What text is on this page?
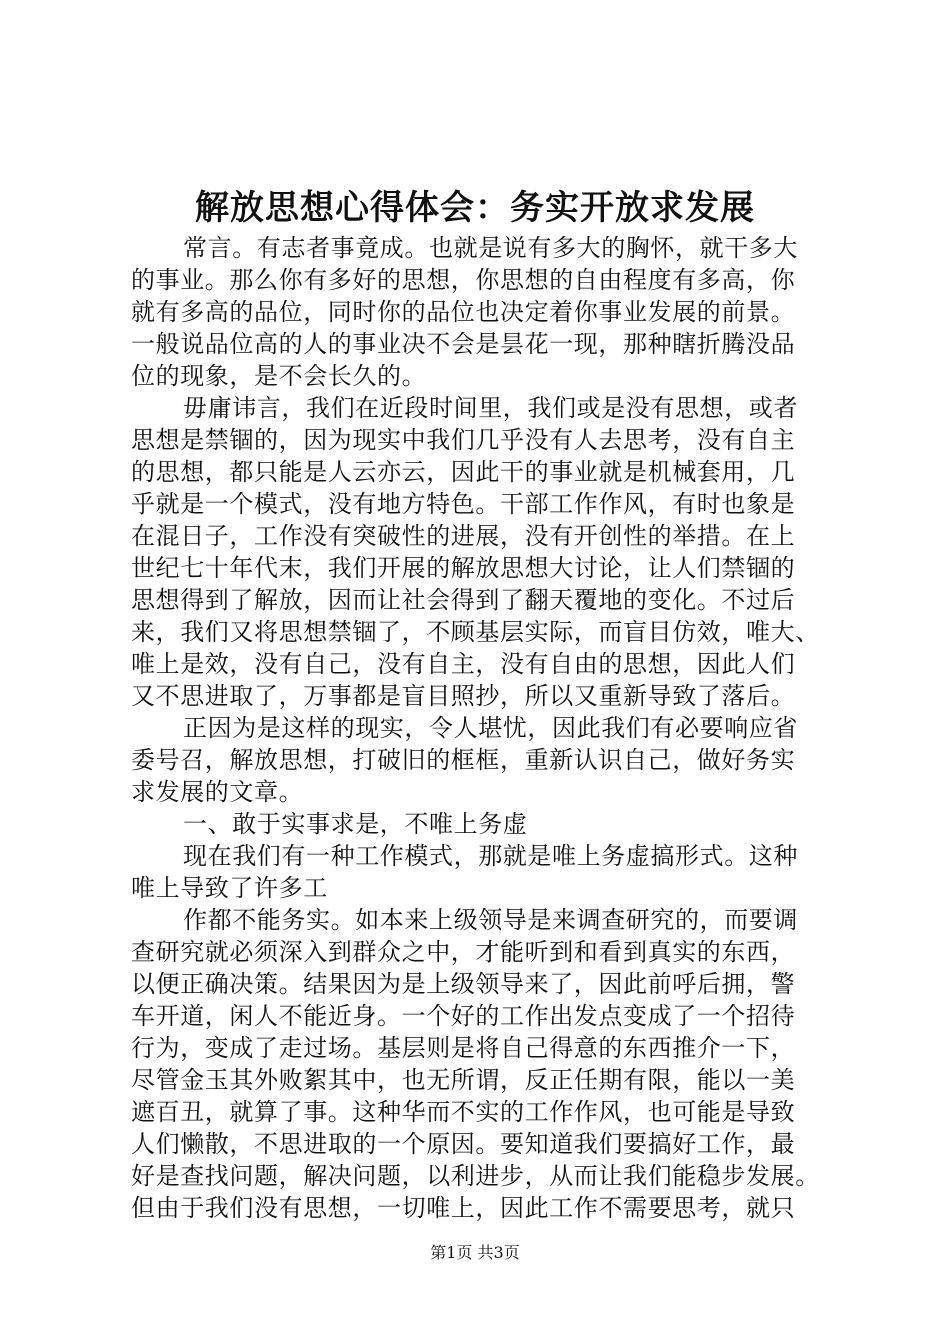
解放思想心得体会：务实开放求发展
常言。有志者事竟成。也就是说有多大的胸怀，就干多大
的事业。那么你有多好的思想，你思想的自由程度有多高，你
就有多高的品位，同时你的品位也决定着你事业发展的前景。
一般说品位高的人的事业决不会是昙花一现，那种瞎折腾没品
位的现象，是不会长久的。
毋庸讳言，我们在近段时间里，我们或是没有思想，或者
思想是禁锢的，因为现实中我们几乎没有人去思考，没有自主
的思想，都只能是人云亦云，因此干的事业就是机械套用，几
乎就是一个模式，没有地方特色。干部工作作风，有时也象是
在混日子，工作没有突破性的进展，没有开创性的举措。在上
世纪七十年代末，我们开展的解放思想大讨论，让人们禁锢的
思想得到了解放，因而让社会得到了翻天覆地的变化。不过后
来，我们又将思想禁锢了，不顾基层实际，而盲目仿效，唯大、
唯上是效，没有自己，没有自主，没有自由的思想，因此人们
又不思进取了，万事都是盲目照抄，所以又重新导致了落后。
正因为是这样的现实，令人堪忧，因此我们有必要响应省
委号召，解放思想，打破旧的框框，重新认识自己，做好务实
求发展的文章。
一、敢于实事求是，不唯上务虚
现在我们有一种工作模式，那就是唯上务虚搞形式。这种
唯上导致了许多工
作都不能务实。如本来上级领导是来调查研究的，而要调
查研究就必须深入到群众之中，才能听到和看到真实的东西，
以便正确决策。结果因为是上级领导来了，因此前呼后拥，警
车开道，闲人不能近身。一个好的工作出发点变成了一个招待
行为，变成了走过场。基层则是将自己得意的东西推介一下，
尽管金玉其外败絮其中，也无所谓，反正任期有限，能以一美
遮百丑，就算了事。这种华而不实的工作作风，也可能是导致
人们懒散，不思进取的一个原因。要知道我们要搞好工作，最
好是查找问题，解决问题，以利进步，从而让我们能稳步发展。
但由于我们没有思想，一切唯上，因此工作不需要思考，就只
第1页 共3页
